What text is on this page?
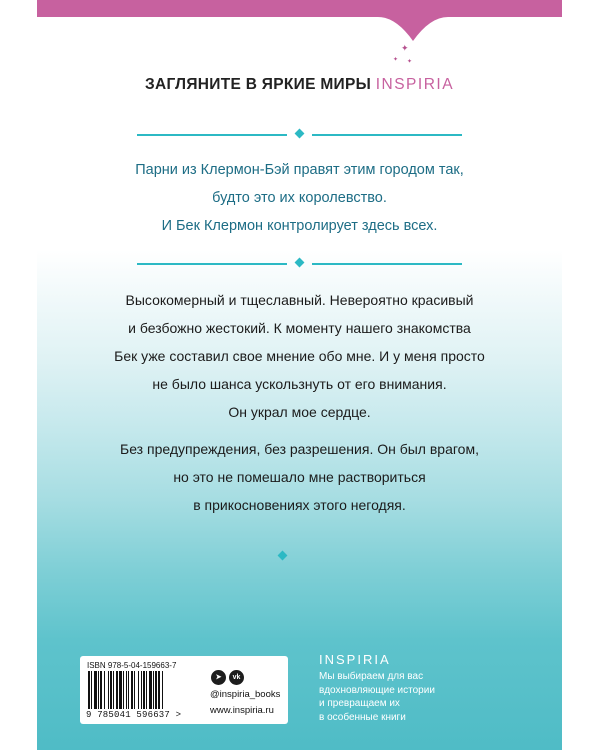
✦
✦ ✦
ЗАГЛЯНИТЕ В ЯРКИЕ МИРЫ INSPIRIA
Парни из Клермон-Бэй правят этим городом так,
будто это их королевство.
И Бек Клермон контролирует здесь всех.
Высокомерный и тщеславный. Невероятно красивый
и безбожно жестокий. К моменту нашего знакомства
Бек уже составил свое мнение обо мне. И у меня просто
не было шанса ускользнуть от его внимания.
Он украл мое сердце.
Без предупреждения, без разрешения. Он был врагом,
но это не помешало мне раствориться
в прикосновениях этого негодяя.
ISBN 978-5-04-159663-7
9 785041 596637 >
➤ vk
@inspiria_books
www.inspiria.ru
INSPIRIA
Мы выбираем для вас
вдохновляющие истории
и превращаем их
в особенные книги
